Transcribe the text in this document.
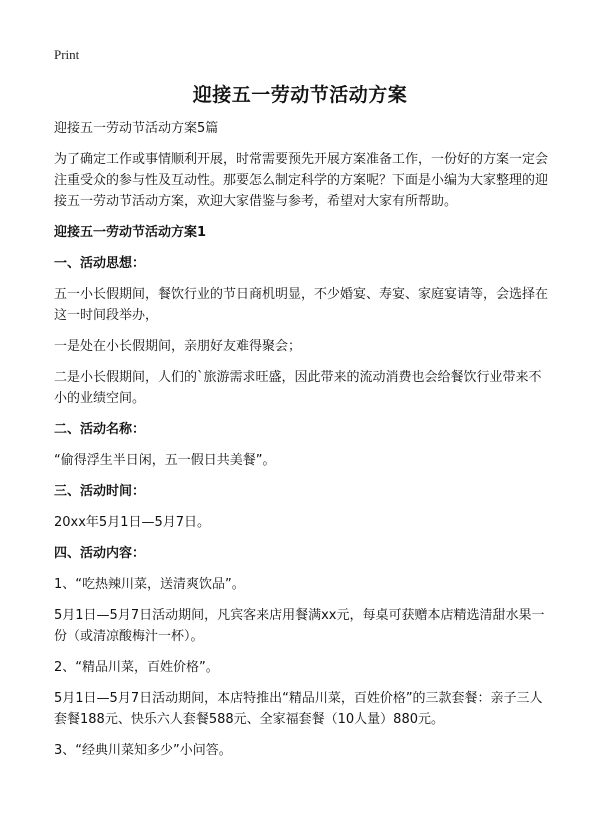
Print
迎接五一劳动节活动方案

迎接五一劳动节活动方案5篇

为了确定工作或事情顺利开展，时常需要预先开展方案准备工作，一份好的方案一定会注重受众的参与性及互动性。那要怎么制定科学的方案呢？下面是小编为大家整理的迎接五一劳动节活动方案，欢迎大家借鉴与参考，希望对大家有所帮助。

迎接五一劳动节活动方案1
一、活动思想：

五一小长假期间，餐饮行业的节日商机明显，不少婚宴、寿宴、家庭宴请等，会选择在这一时间段举办，

一是处在小长假期间，亲朋好友难得聚会；

二是小长假期间，人们的`旅游需求旺盛，因此带来的流动消费也会给餐饮行业带来不小的业绩空间。

二、活动名称：

“偷得浮生半日闲，五一假日共美餐”。

三、活动时间：

20xx年5月1日—5月7日。

四、活动内容：

1、“吃热辣川菜，送清爽饮品”。

5月1日—5月7日活动期间，凡宾客来店用餐满xx元，每桌可获赠本店精选清甜水果一份（或清凉酸梅汁一杯）。

2、“精品川菜，百姓价格”。

5月1日—5月7日活动期间，本店特推出“精品川菜，百姓价格”的三款套餐：亲子三人套餐188元、快乐六人套餐588元、全家福套餐（10人量）880元。

3、“经典川菜知多少”小问答。
